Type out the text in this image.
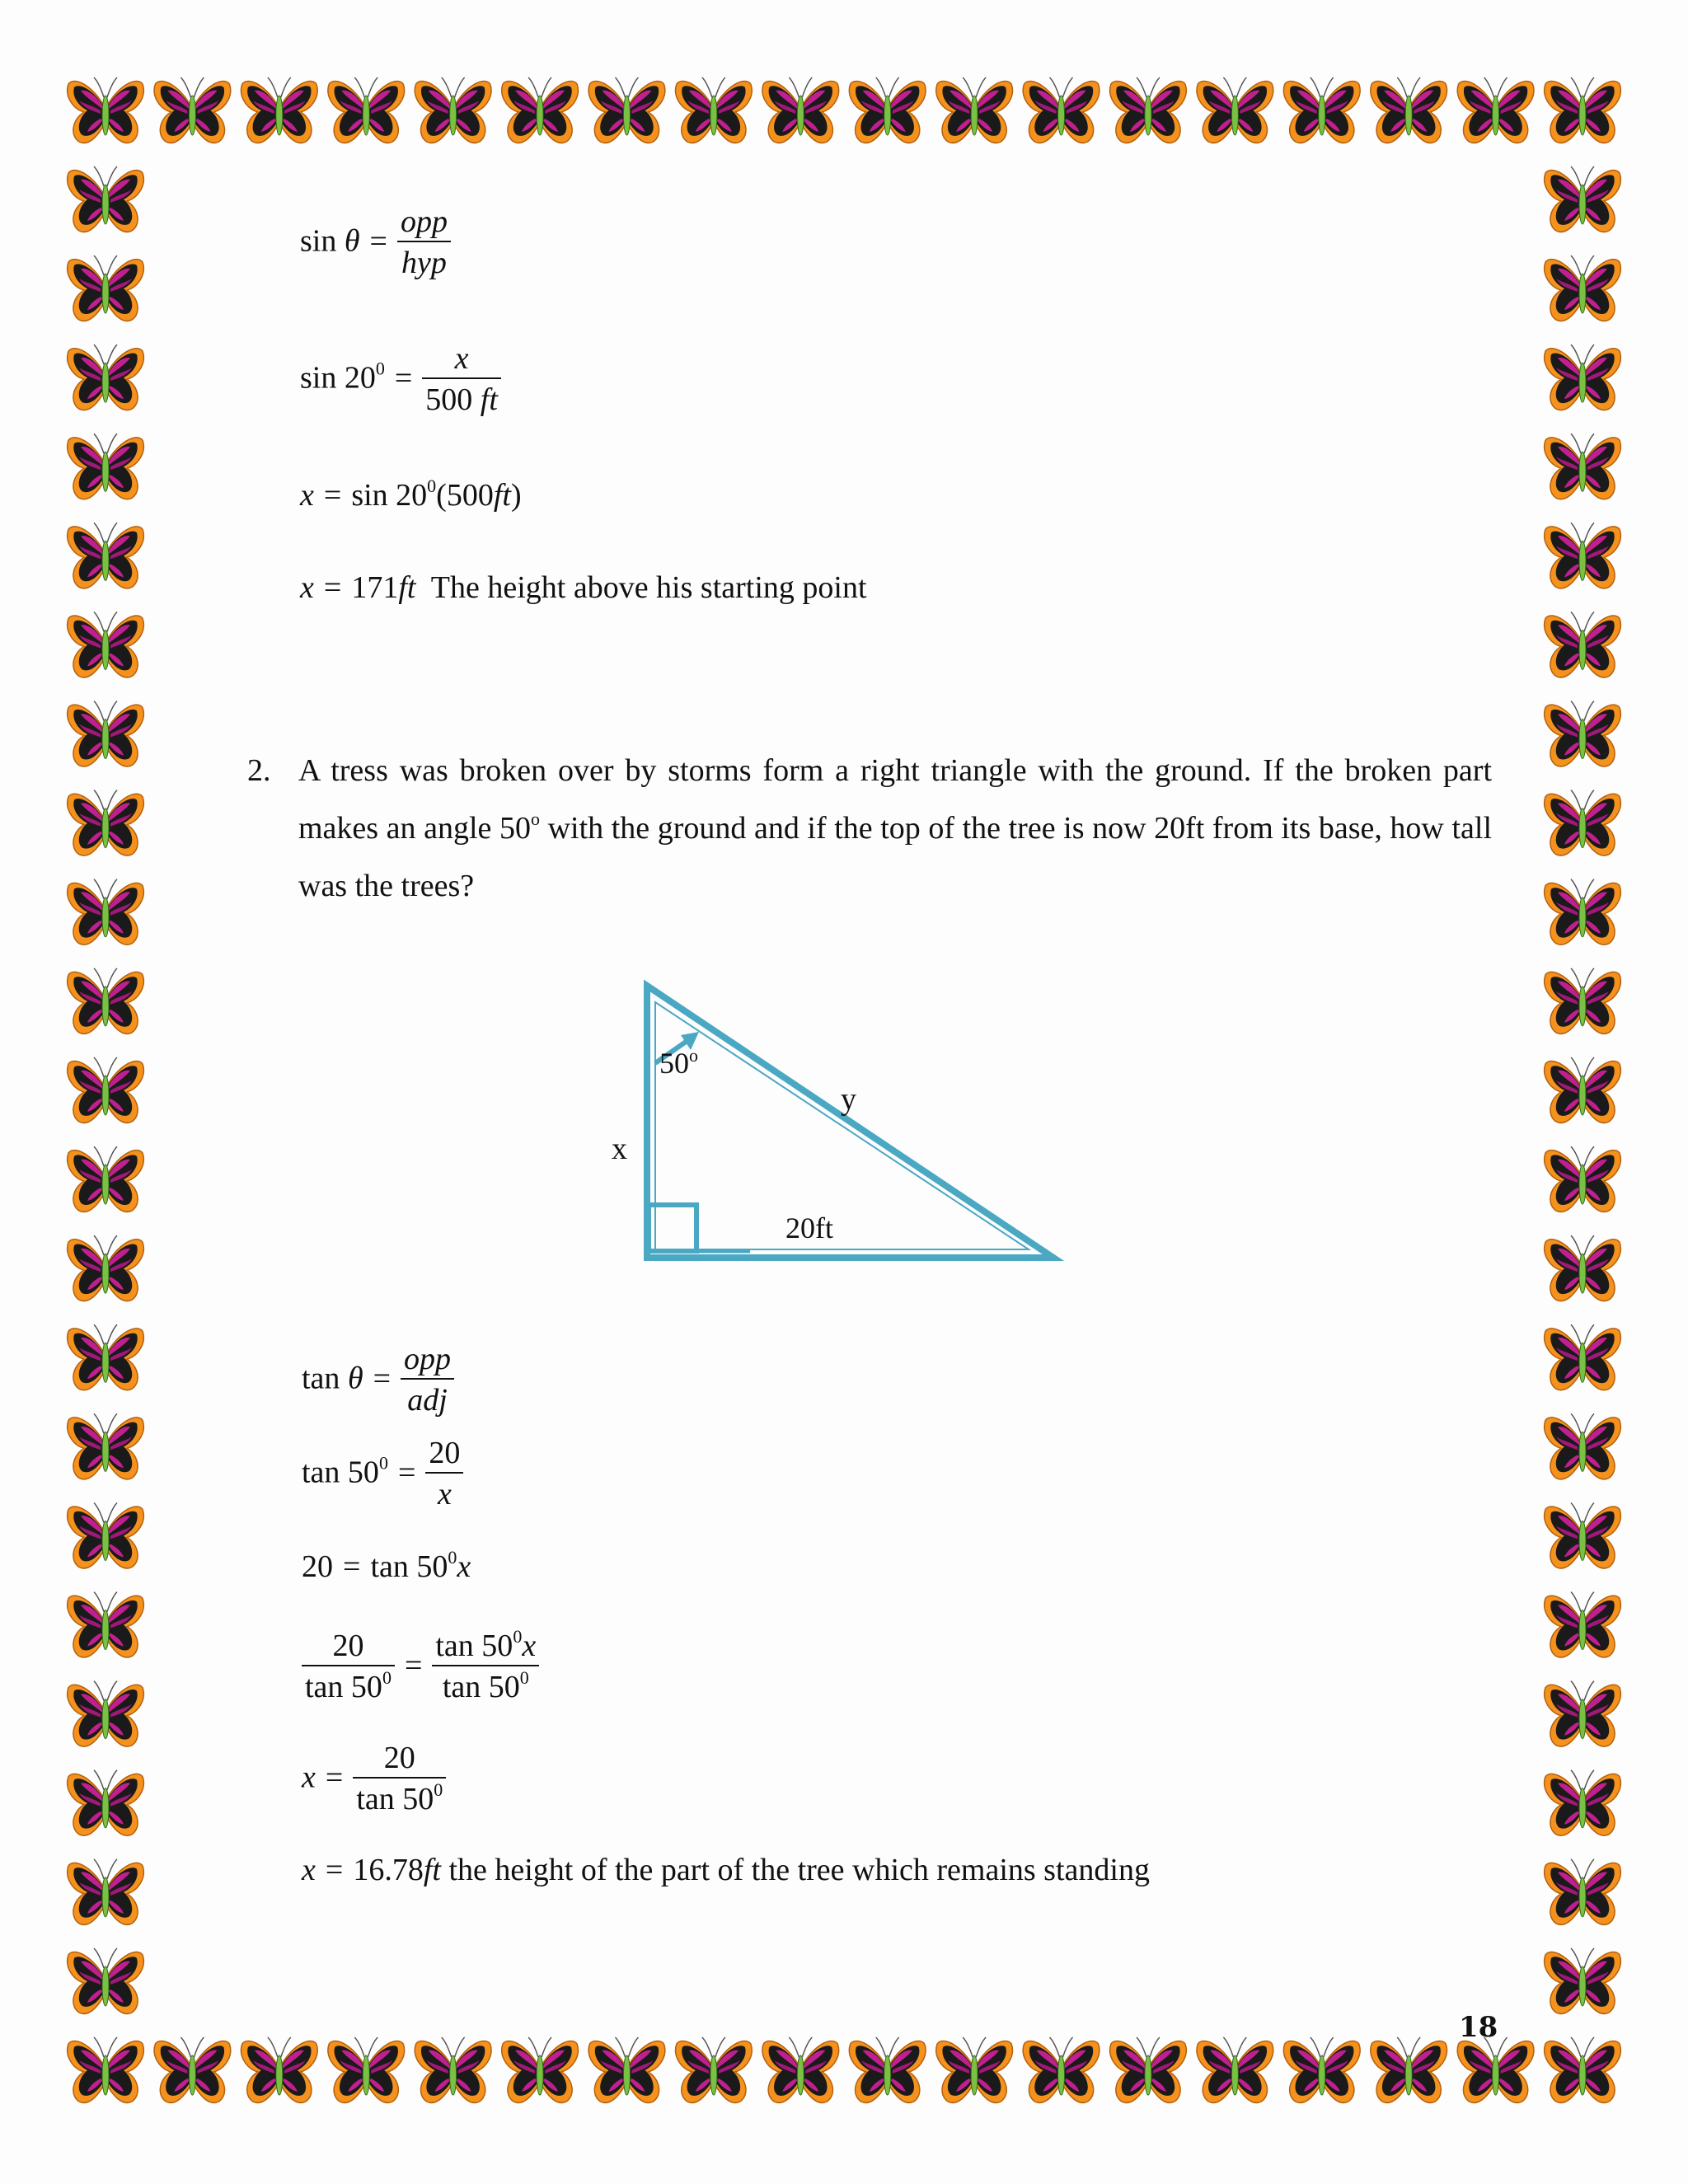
$\sin \theta = \frac{\text{opp}}{\text{hyp}}$
$\sin 20^0 = \frac{x}{500 ft}$
$x = \sin 20^0(500ft)$
x = 171ft The height above his starting point
2. A tress was broken over by storms form a right triangle with the ground. If the broken part makes an angle 50$^o$ with the ground and if the top of the tree is now 20ft from its base, how tall was the trees?
50$^o$
y
x
20ft
$\tan \theta = \frac{\text{opp}}{\text{adj}}$
$\tan 50^0 = \frac{20}{x}$
$20 = \tan 50^0x$
$\frac{20}{\tan 50^0} = \frac{\tan 50^0x}{\tan 50^0}$
$x = \frac{20}{\tan 50^0}$
x = 16.78ft the height of the part of the tree which remains standing
18
